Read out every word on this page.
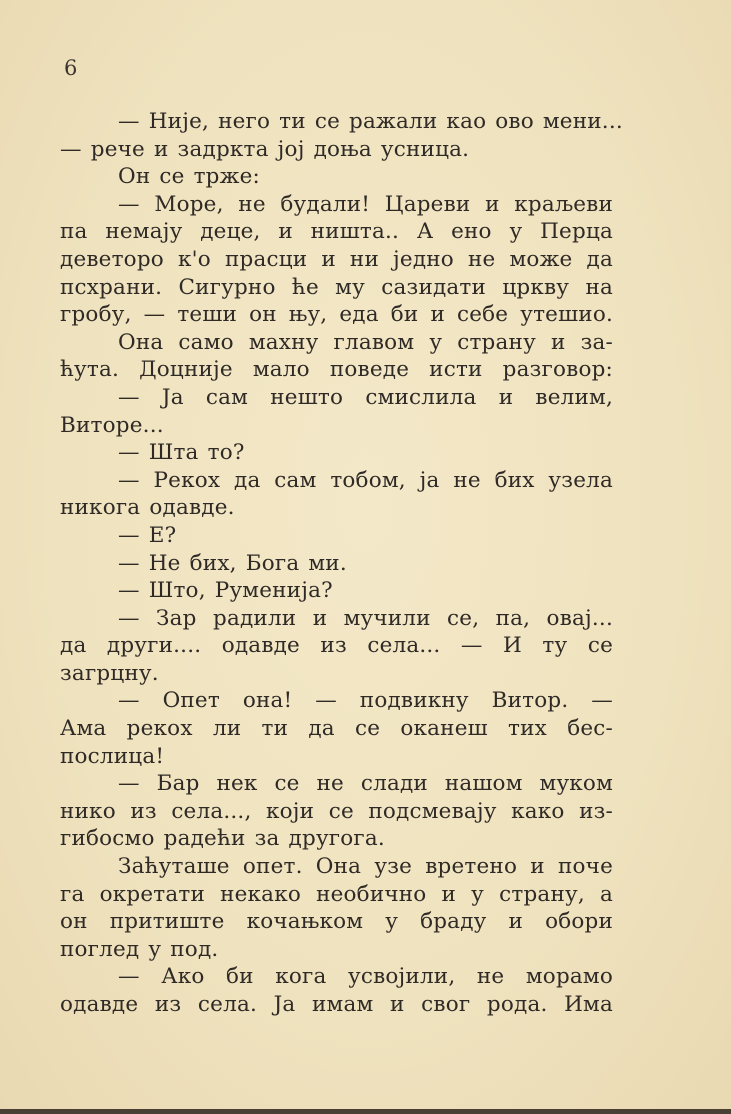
6
— Није, него ти се ражали као ово мени...
— рече и задркта јој доња усница.
Он се трже:
— Море, не будали! Цареви и краљеви
па немају деце, и ништа.. А ено у Перца
деветоро к'о прасци и ни једно не може да
псхрани. Сигурно ће му сазидати цркву на
гробу, — теши он њу, еда би и себе утешио.
Она само махну главом у страну и за-
ћута. Доцније мало поведе исти разговор:
— Ја сам нешто смислила и велим,
Виторе...
— Шта то?
— Рекох да сам тобом, ја не бих узела
никога одавде.
— Е?
— Не бих, Бога ми.
— Што, Руменија?
— Зар радили и мучили се, па, овај...
да други.... одавде из села... — И ту се
загрцну.
— Опет она! — подвикну Витор. —
Ама рекох ли ти да се оканеш тих бес-
послица!
— Бар нек се не слади нашом муком
нико из села..., који се подсмевају како из-
гибосмо радећи за другога.
Заћуташе опет. Она узе вретено и поче
га окретати некако необично и у страну, а
он притиште кочањком у браду и обори
поглед у под.
— Ако би кога усвојили, не морамо
одавде из села. Ја имам и свог рода. Има
